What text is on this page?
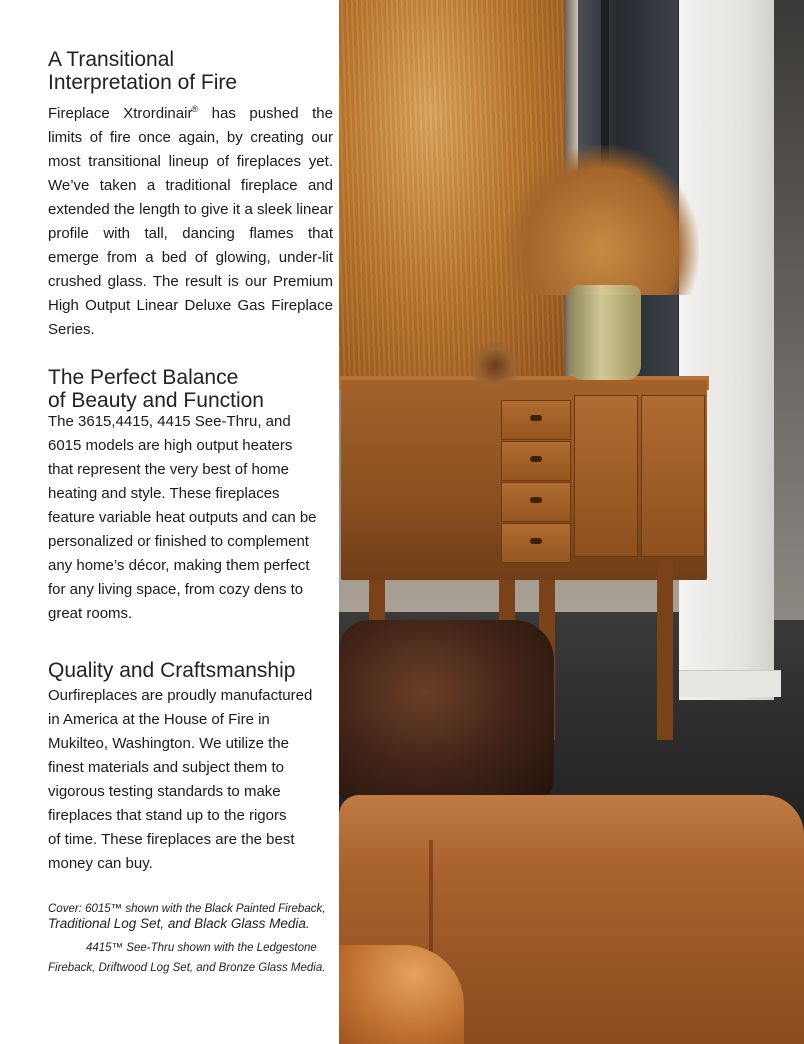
A Transitional
Interpretation of Fire

Fireplace Xtrordinair® has pushed the limits of fire once again, by creating our most transitional lineup of fireplaces yet. We’ve taken a traditional fireplace and extended the length to give it a sleek linear profile with tall, dancing flames that emerge from a bed of glowing, under-lit crushed glass. The result is our Premium High Output Linear Deluxe Gas Fireplace Series.

The Perfect Balance
of Beauty and Function

The 3615,4415, 4415 See-Thru, and
6015 models are high output heaters
that represent the very best of home
heating and style. These fireplaces
feature variable heat outputs and can be
personalized or finished to complement
any home’s décor, making them perfect
for any living space, from cozy dens to
great rooms.

Quality and Craftsmanship

Ourfireplaces are proudly manufactured
in America at the House of Fire in
Mukilteo, Washington. We utilize the
finest materials and subject them to
vigorous testing standards to make
fireplaces that stand up to the rigors
of time. These fireplaces are the best
money can buy.

Cover: 6015™ shown with the Black Painted Fireback,

Traditional Log Set, and Black Glass Media.

4415™ See-Thru shown with the Ledgestone

Fireback, Driftwood Log Set, and Bronze Glass Media.
